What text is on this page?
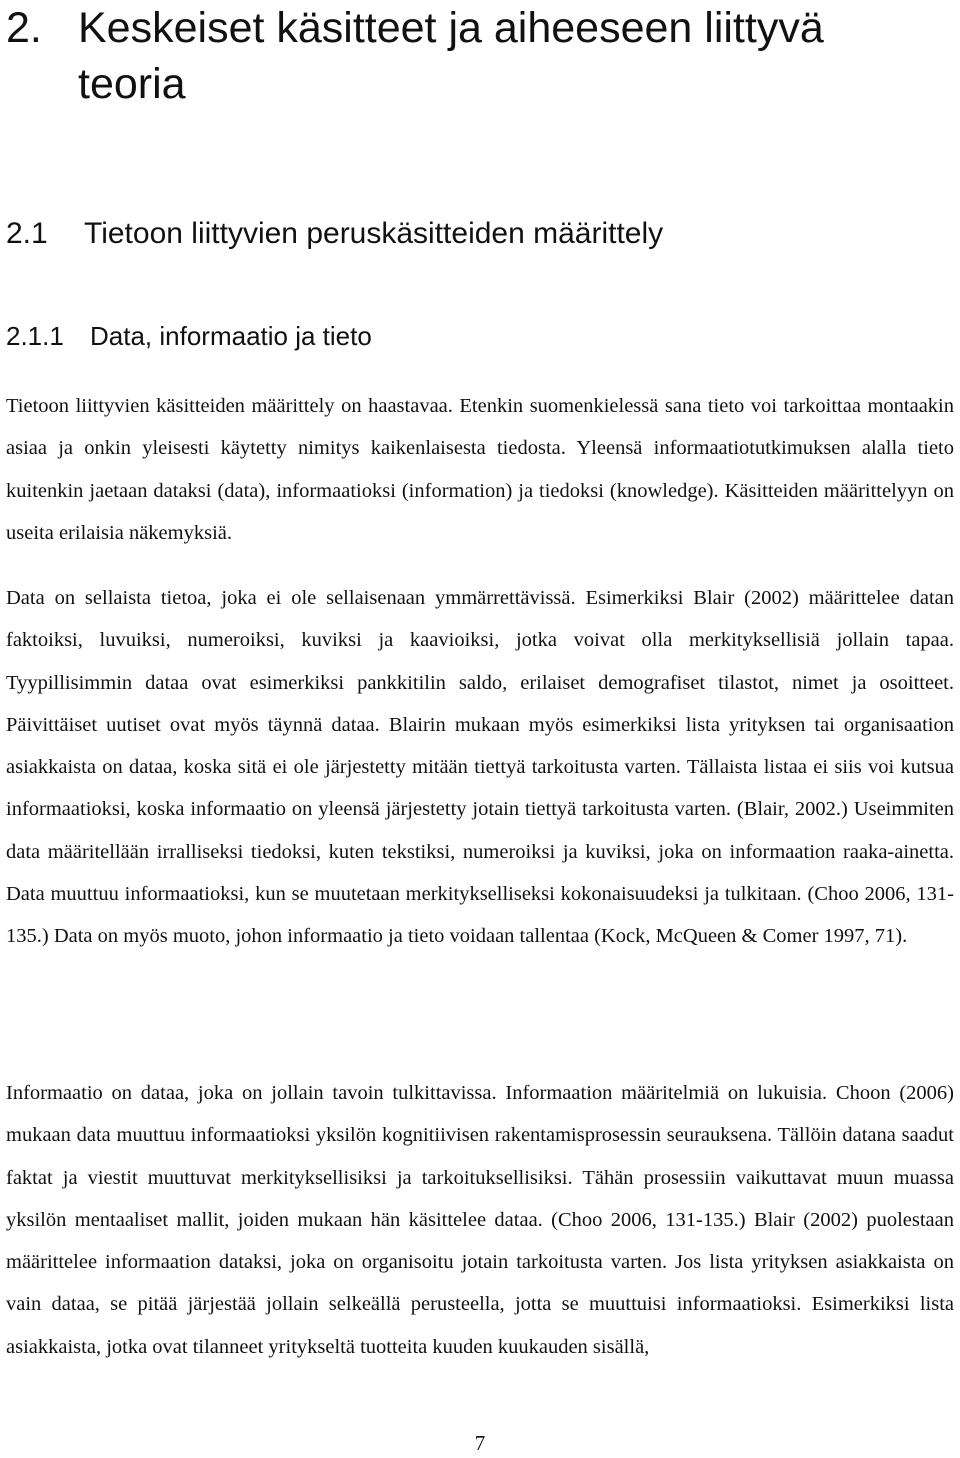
2. Keskeiset käsitteet ja aiheeseen liittyvä
teoria
2.1 Tietoon liittyvien peruskäsitteiden määrittely
2.1.1 Data, informaatio ja tieto

Tietoon liittyvien käsitteiden määrittely on haastavaa. Etenkin suomenkielessä sana tieto voi tarkoittaa montaakin asiaa ja onkin yleisesti käytetty nimitys kaikenlaisesta tiedosta. Yleensä informaatiotutkimuksen alalla tieto kuitenkin jaetaan dataksi (data), informaatioksi (information) ja tiedoksi (knowledge). Käsitteiden määrittelyyn on useita erilaisia näkemyksiä.

Data on sellaista tietoa, joka ei ole sellaisenaan ymmärrettävissä. Esimerkiksi Blair (2002) määrittelee datan faktoiksi, luvuiksi, numeroiksi, kuviksi ja kaavioiksi, jotka voivat olla merkityksellisiä jollain tapaa. Tyypillisimmin dataa ovat esimerkiksi pankkitilin saldo, erilaiset demografiset tilastot, nimet ja osoitteet. Päivittäiset uutiset ovat myös täynnä dataa. Blairin mukaan myös esimerkiksi lista yrityksen tai organisaation asiakkaista on dataa, koska sitä ei ole järjestetty mitään tiettyä tarkoitusta varten. Tällaista listaa ei siis voi kutsua informaatioksi, koska informaatio on yleensä järjestetty jotain tiettyä tarkoitusta varten. (Blair, 2002.) Useimmiten data määritellään irralliseksi tiedoksi, kuten tekstiksi, numeroiksi ja kuviksi, joka on informaation raaka-ainetta. Data muuttuu informaatioksi, kun se muutetaan merkitykselliseksi kokonaisuudeksi ja tulkitaan. (Choo 2006, 131-135.) Data on myös muoto, johon informaatio ja tieto voidaan tallentaa (Kock, McQueen & Comer 1997, 71).

Informaatio on dataa, joka on jollain tavoin tulkittavissa. Informaation määritelmiä on lukuisia. Choon (2006) mukaan data muuttuu informaatioksi yksilön kognitiivisen rakentamisprosessin seurauksena. Tällöin datana saadut faktat ja viestit muuttuvat merkityksellisiksi ja tarkoituksellisiksi. Tähän prosessiin vaikuttavat muun muassa yksilön mentaaliset mallit, joiden mukaan hän käsittelee dataa. (Choo 2006, 131-135.) Blair (2002) puolestaan määrittelee informaation dataksi, joka on organisoitu jotain tarkoitusta varten. Jos lista yrityksen asiakkaista on vain dataa, se pitää järjestää jollain selkeällä perusteella, jotta se muuttuisi informaatioksi. Esimerkiksi lista asiakkaista, jotka ovat tilanneet yritykseltä tuotteita kuuden kuukauden sisällä,

7
